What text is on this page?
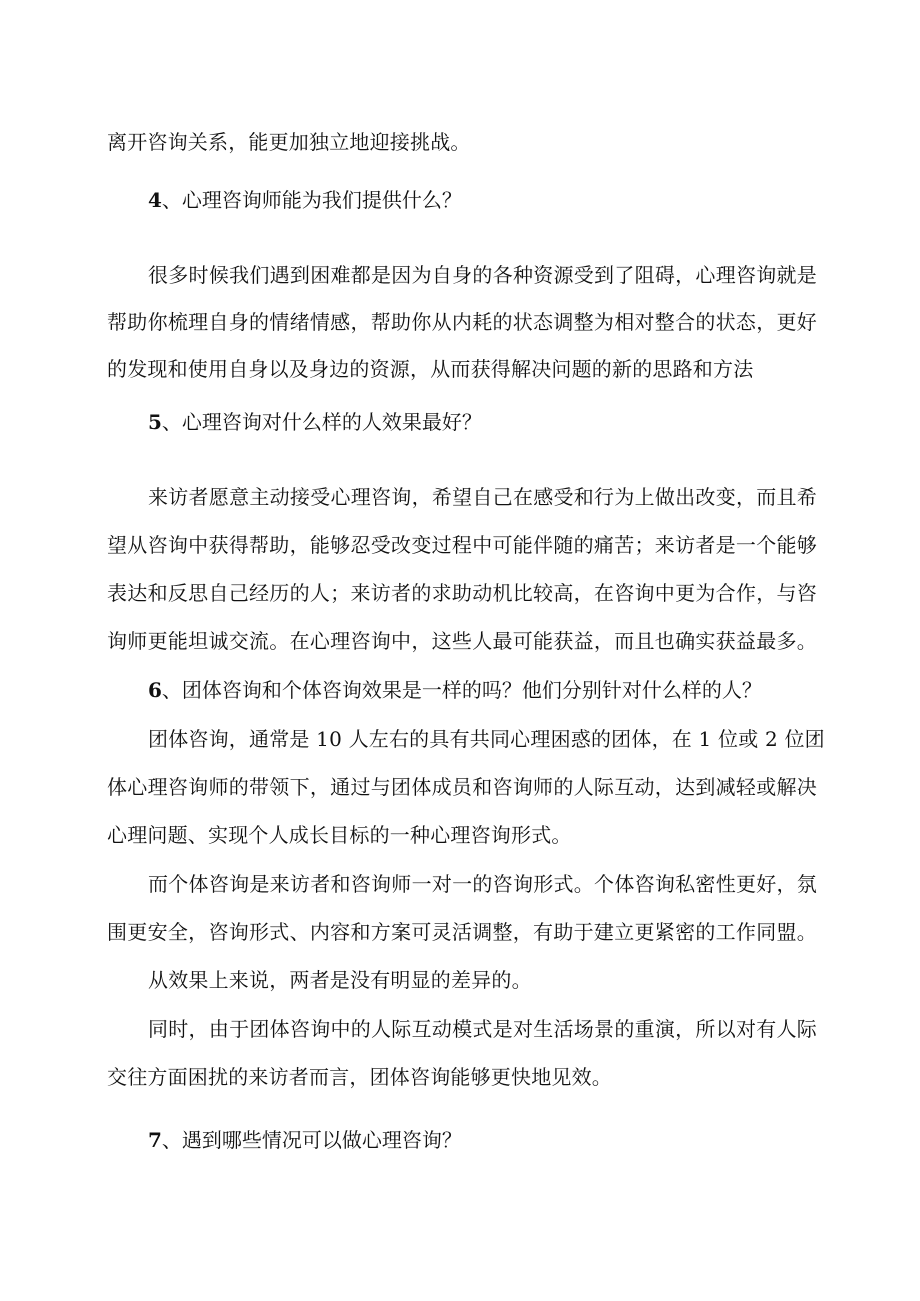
离开咨询关系，能更加独立地迎接挑战。
4、心理咨询师能为我们提供什么？
很多时候我们遇到困难都是因为自身的各种资源受到了阻碍，心理咨询就是
帮助你梳理自身的情绪情感，帮助你从内耗的状态调整为相对整合的状态，更好
的发现和使用自身以及身边的资源，从而获得解决问题的新的思路和方法
5、心理咨询对什么样的人效果最好？
来访者愿意主动接受心理咨询，希望自己在感受和行为上做出改变，而且希
望从咨询中获得帮助，能够忍受改变过程中可能伴随的痛苦；来访者是一个能够
表达和反思自己经历的人；来访者的求助动机比较高，在咨询中更为合作，与咨
询师更能坦诚交流。在心理咨询中，这些人最可能获益，而且也确实获益最多。
6、团体咨询和个体咨询效果是一样的吗？他们分别针对什么样的人？
团体咨询，通常是 10 人左右的具有共同心理困惑的团体，在 1 位或 2 位团
体心理咨询师的带领下，通过与团体成员和咨询师的人际互动，达到减轻或解决
心理问题、实现个人成长目标的一种心理咨询形式。
而个体咨询是来访者和咨询师一对一的咨询形式。个体咨询私密性更好，氛
围更安全，咨询形式、内容和方案可灵活调整，有助于建立更紧密的工作同盟。
从效果上来说，两者是没有明显的差异的。
同时，由于团体咨询中的人际互动模式是对生活场景的重演，所以对有人际
交往方面困扰的来访者而言，团体咨询能够更快地见效。
7、遇到哪些情况可以做心理咨询？
